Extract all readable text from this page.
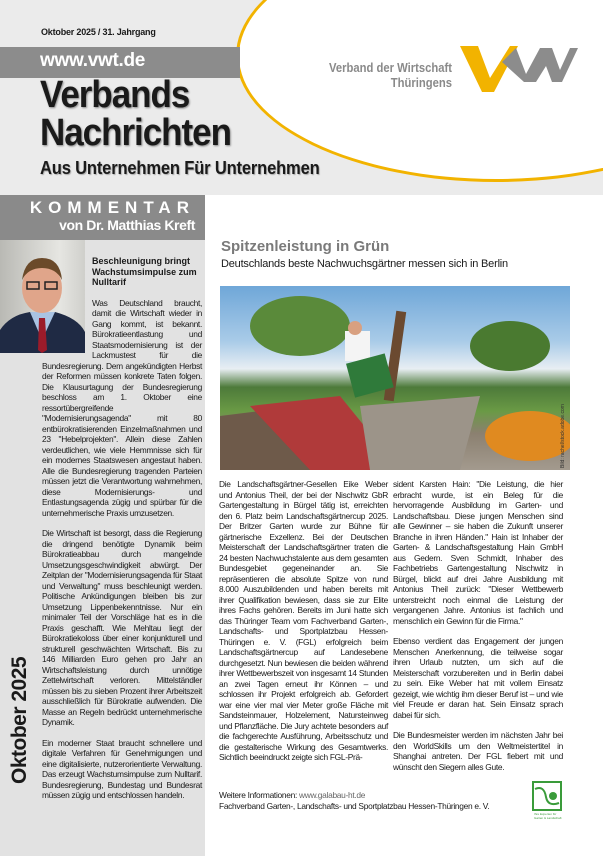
Oktober 2025 / 31. Jahrgang
www.vwt.de
Verbands
Nachrichten
Aus Unternehmen Für Unternehmen
Verband der Wirtschaft
Thüringens
KOMMENTAR
von Dr. Matthias Kreft
Beschleunigung bringt Wachstumsimpulse zum Nulltarif
Was Deutschland braucht, damit die Wirtschaft wieder in Gang kommt, ist bekannt. Bürokratieentlastung und Staatsmodernisierung ist der Lackmustest für die Bundesregierung. Dem angekündigten Herbst der Reformen müssen konkrete Taten folgen. Die Klausurtagung der Bundesregierung beschloss am 1. Oktober eine ressortübergreifende "Modernisierungsagenda" mit 80 entbürokratisierenden Einzelmaßnahmen und 23 "Hebelprojekten". Allein diese Zahlen verdeutlichen, wie viele Hemmnisse sich für ein modernes Staatswesen angestaut haben. Alle die Bundesregierung tragenden Parteien müssen jetzt die Verantwortung wahrnehmen, diese Modernisierungs- und Entlastungsagenda zügig und spürbar für die unternehmerische Praxis umzusetzen.
Die Wirtschaft ist besorgt, dass die Regierung die dringend benötigte Dynamik beim Bürokratieabbau durch mangelnde Umsetzungsgeschwindigkeit abwürgt. Der Zeitplan der "Modernisierungsagenda für Staat und Verwaltung" muss beschleunigt werden. Politische Ankündigungen bleiben bis zur Umsetzung Lippenbekenntnisse. Nur ein minimaler Teil der Vorschläge hat es in die Praxis geschafft. Wie Mehltau liegt der Bürokratiekoloss über einer konjunkturell und strukturell geschwächten Wirtschaft. Bis zu 146 Milliarden Euro gehen pro Jahr an Wirtschaftsleistung durch unnötige Zettelwirtschaft verloren. Mittelständler müssen bis zu sieben Prozent ihrer Arbeitszeit ausschließlich für Bürokratie aufwenden. Die Masse an Regeln bedrückt unternehmerische Dynamik.
Ein moderner Staat braucht schnellere und digitale Verfahren für Genehmigungen und eine digitalisierte, nutzerorientierte Verwaltung. Das erzeugt Wachstumsimpulse zum Nulltarif. Bundesregierung, Bundestag und Bundesrat müssen zügig und entschlossen handeln.
Oktober 2025
Spitzenleistung in Grün
Deutschlands beste Nachwuchsgärtner messen sich in Berlin
Bild: rachel/stock.adobe.com
Die Landschaftsgärtner-Gesellen Eike Weber und Antonius Theil, der bei der Nischwitz GbR Gartengestaltung in Bürgel tätig ist, erreichten den 6. Platz beim Landschaftsgärtnercup 2025. Der Britzer Garten wurde zur Bühne für gärtnerische Exzellenz. Bei der Deutschen Meisterschaft der Landschaftsgärtner traten die 24 besten Nachwuchstalente aus dem gesamten Bundesgebiet gegeneinander an. Sie repräsentieren die absolute Spitze von rund 8.000 Auszubildenden und haben bereits mit ihrer Qualifikation bewiesen, dass sie zur Elite ihres Fachs gehören. Bereits im Juni hatte sich das Thüringer Team vom Fachverband Garten-, Landschafts- und Sportplatzbau Hessen-Thüringen e. V. (FGL) erfolgreich beim Landschaftsgärtnercup auf Landesebene durchgesetzt. Nun bewiesen die beiden während ihrer Wettbewerbszeit von insgesamt 14 Stunden an zwei Tagen erneut ihr Können – und schlossen ihr Projekt erfolgreich ab. Gefordert war eine vier mal vier Meter große Fläche mit Sandsteinmauer, Holzelement, Natursteinweg und Pflanzfläche. Die Jury achtete besonders auf die fachgerechte Ausführung, Arbeitsschutz und die gestalterische Wirkung des Gesamtwerks. Sichtlich beeindruckt zeigte sich FGL-Prä-
sident Karsten Hain: "Die Leistung, die hier erbracht wurde, ist ein Beleg für die hervorragende Ausbildung im Garten- und Landschaftsbau. Diese jungen Menschen sind alle Gewinner – sie haben die Zukunft unserer Branche in ihren Händen." Hain ist Inhaber der Garten- & Landschaftsgestaltung Hain GmbH aus Gedern. Sven Schmidt, Inhaber des Fachbetriebs Gartengestaltung Nischwitz in Bürgel, blickt auf drei Jahre Ausbildung mit Antonius Theil zurück: "Dieser Wettbewerb unterstreicht noch einmal die Leistung der vergangenen Jahre. Antonius ist fachlich und menschlich ein Gewinn für die Firma."
Ebenso verdient das Engagement der jungen Menschen Anerkennung, die teilweise sogar ihren Urlaub nutzten, um sich auf die Meisterschaft vorzubereiten und in Berlin dabei zu sein. Eike Weber hat mit vollem Einsatz gezeigt, wie wichtig ihm dieser Beruf ist – und wie viel Freude er daran hat. Sein Einsatz sprach dabei für sich.
Die Bundesmeister werden im nächsten Jahr bei den WorldSkills um den Weltmeistertitel in Shanghai antreten. Der FGL fiebert mit und wünscht den Siegern alles Gute.
Weitere Informationen: www.galabau-ht.de
Fachverband Garten-, Landschafts- und Sportplatzbau Hessen-Thüringen e. V.
Ihre Experten für
Garten & Landschaft
